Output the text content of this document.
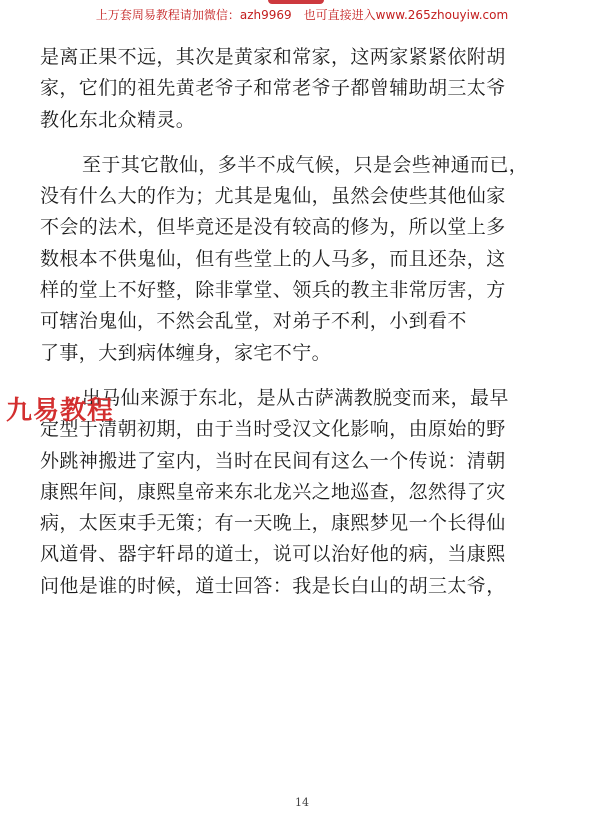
上万套周易教程请加微信：azh9969　也可直接进入www.265zhouyiw.com

是离正果不远，其次是黄家和常家，这两家紧紧依附胡

家，它们的祖先黄老爷子和常老爷子都曾辅助胡三太爷

教化东北众精灵。

至于其它散仙，多半不成气候，只是会些神通而已，

没有什么大的作为；尤其是鬼仙，虽然会使些其他仙家

不会的法术，但毕竟还是没有较高的修为，所以堂上多

数根本不供鬼仙，但有些堂上的人马多，而且还杂，这

样的堂上不好整，除非掌堂、领兵的教主非常厉害，方

可辖治鬼仙，不然会乱堂，对弟子不利，小到看不

了事，大到病体缠身，家宅不宁。

出马仙来源于东北，是从古萨满教脱变而来，最早

定型于清朝初期，由于当时受汉文化影响，由原始的野

外跳神搬进了室内，当时在民间有这么一个传说：清朝

康熙年间，康熙皇帝来东北龙兴之地巡查，忽然得了灾

病，太医束手无策；有一天晚上，康熙梦见一个长得仙

风道骨、器宇轩昂的道士，说可以治好他的病，当康熙

问他是谁的时候，道士回答：我是长白山的胡三太爷，

九易教程
14
